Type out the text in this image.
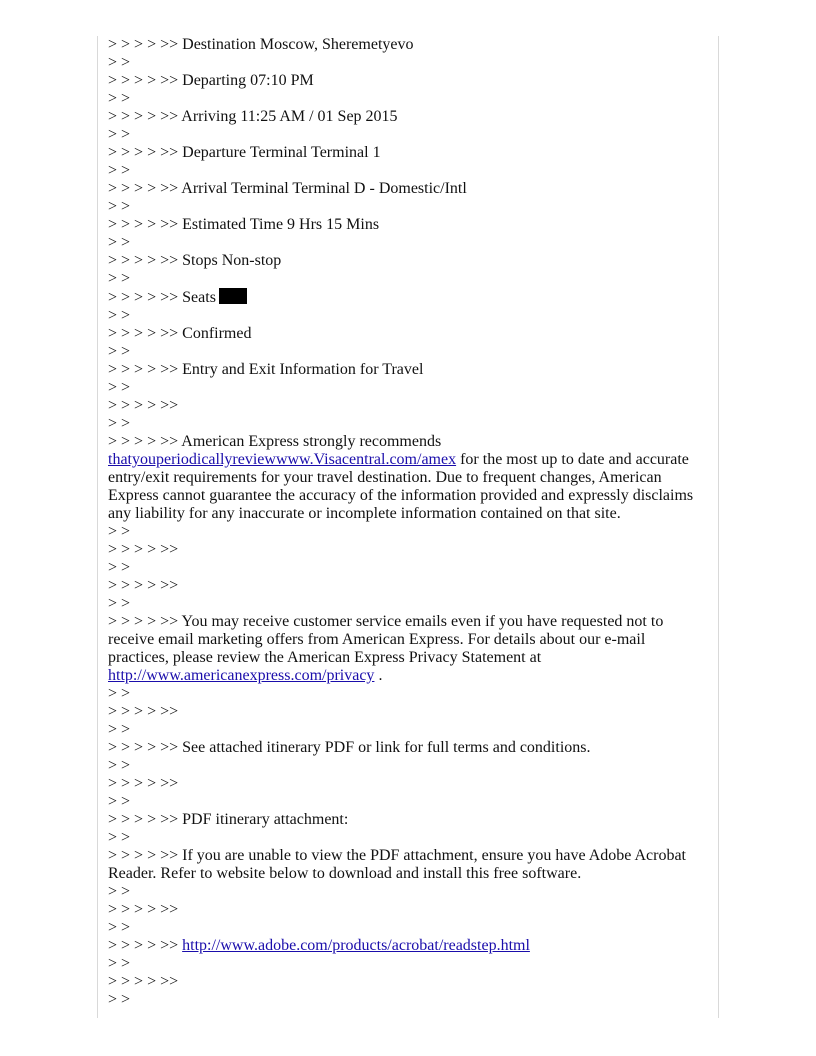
> > > > >> Destination Moscow, Sheremetyevo
> >
> > > > >> Departing 07:10 PM
> >
> > > > >> Arriving 11:25 AM / 01 Sep 2015
> >
> > > > >> Departure Terminal Terminal 1
> >
> > > > >> Arrival Terminal Terminal D - Domestic/Intl
> >
> > > > >> Estimated Time 9 Hrs 15 Mins
> >
> > > > >> Stops Non-stop
> >
> > > > >> Seats
> >
> > > > >> Confirmed
> >
> > > > >> Entry and Exit Information for Travel
> >
> > > > >>
> >
> > > > >> American Express strongly recommends
thatyouperiodicallyreviewwww.Visacentral.com/amex for the most up to date and accurate entry/exit requirements for your travel destination. Due to frequent changes, American Express cannot guarantee the accuracy of the information provided and expressly disclaims any liability for any inaccurate or incomplete information contained on that site.
> >
> > > > >>
> >
> > > > >>
> >
> > > > >> You may receive customer service emails even if you have requested not to receive email marketing offers from American Express. For details about our e-mail practices, please review the American Express Privacy Statement at
http://www.americanexpress.com/privacy .
> >
> > > > >>
> >
> > > > >> See attached itinerary PDF or link for full terms and conditions.
> >
> > > > >>
> >
> > > > >> PDF itinerary attachment:
> >
> > > > >> If you are unable to view the PDF attachment, ensure you have Adobe Acrobat Reader. Refer to website below to download and install this free software.
> >
> > > > >>
> >
> > > > >> http://www.adobe.com/products/acrobat/readstep.html
> >
> > > > >>
> >
